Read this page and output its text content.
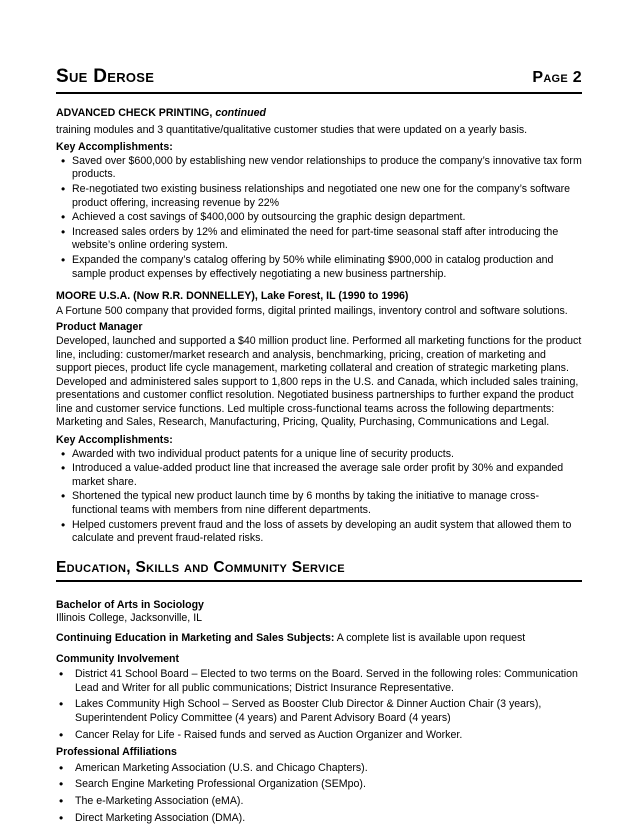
Sue Derose	Page 2

ADVANCED CHECK PRINTING, continued

training modules and 3 quantitative/qualitative customer studies that were updated on a yearly basis.

Key Accomplishments:

• Saved over $600,000 by establishing new vendor relationships to produce the company’s innovative tax form products.
• Re-negotiated two existing business relationships and negotiated one new one for the company’s software product offering, increasing revenue by 22%
• Achieved a cost savings of $400,000 by outsourcing the graphic design department.
• Increased sales orders by 12% and eliminated the need for part-time seasonal staff after introducing the website’s online ordering system.
• Expanded the company’s catalog offering by 50% while eliminating $900,000 in catalog production and sample product expenses by effectively negotiating a new business partnership.

MOORE U.S.A. (Now R.R. DONNELLEY), Lake Forest, IL (1990 to 1996)

A Fortune 500 company that provided forms, digital printed mailings, inventory control and software solutions.

Product Manager

Developed, launched and supported a $40 million product line. Performed all marketing functions for the product line, including: customer/market research and analysis, benchmarking, pricing, creation of marketing and support pieces, product life cycle management, marketing collateral and creation of strategic marketing plans. Developed and administered sales support to 1,800 reps in the U.S. and Canada, which included sales training, presentations and customer conflict resolution. Negotiated business partnerships to further expand the product line and customer service functions. Led multiple cross-functional teams across the following departments: Marketing and Sales, Research, Manufacturing, Pricing, Quality, Purchasing, Communications and Legal.

Key Accomplishments:

• Awarded with two individual product patents for a unique line of security products.
• Introduced a value-added product line that increased the average sale order profit by 30% and expanded market share.
• Shortened the typical new product launch time by 6 months by taking the initiative to manage cross-functional teams with members from nine different departments.
• Helped customers prevent fraud and the loss of assets by developing an audit system that allowed them to calculate and prevent fraud-related risks.
Education, Skills and Community Service

Bachelor of Arts in Sociology

Illinois College, Jacksonville, IL

Continuing Education in Marketing and Sales Subjects: A complete list is available upon request

Community Involvement

• District 41 School Board – Elected to two terms on the Board. Served in the following roles: Communication Lead and Writer for all public communications; District Insurance Representative.
• Lakes Community High School – Served as Booster Club Director & Dinner Auction Chair (3 years), Superintendent Policy Committee (4 years) and Parent Advisory Board (4 years)
• Cancer Relay for Life - Raised funds and served as Auction Organizer and Worker.

Professional Affiliations

• American Marketing Association (U.S. and Chicago Chapters).
• Search Engine Marketing Professional Organization (SEMpo).
• The e-Marketing Association (eMA).
• Direct Marketing Association (DMA).
